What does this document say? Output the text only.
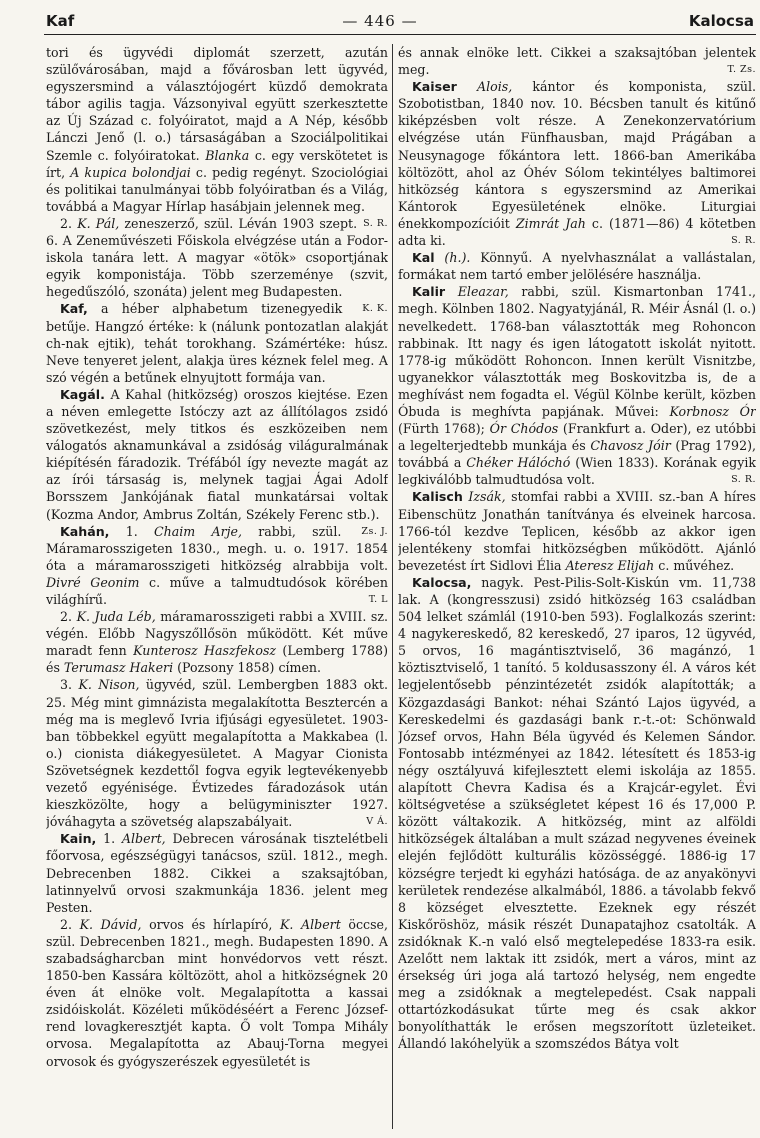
Kaf	— 446 —	Kalocsa

tori és ügyvédi diplomát szerzett, azután szülővárosában, majd a fővárosban lett ügyvéd, egyszersmind a választójogért küzdő demokrata tábor agilis tagja. Vázsonyival együtt szerkesztette az Új Század c. folyóiratot, majd a A Nép, később Lánczi Jenő (l. o.) társaságában a Szociálpolitikai Szemle c. folyóiratokat. Blanka c. egy verskötetet is írt, A kupica bolondjai c. pedig regényt. Szociológiai és politikai tanulmányai több folyóiratban és a Világ, továbbá a Magyar Hírlap hasábjain jelennek meg.
S. R.

2. K. Pál, zeneszerző, szül. Léván 1903 szept. 6. A Zeneművészeti Főiskola elvégzése után a Fodor-iskola tanára lett. A magyar «ötök» csoportjának egyik komponistája. Több szerzeménye (szvit, hegedűszóló, szonáta) jelent meg Budapesten.
K. K.

Kaf, a héber alphabetum tizenegyedik betűje. Hangzó értéke: k (nálunk pontozatlan alakját ch-nak ejtik), tehát torokhang. Számértéke: húsz. Neve tenyeret jelent, alakja üres kéznek felel meg. A szó végén a betűnek elnyujtott formája van.

Kagál. A Kahal (hitközség) oroszos kiejtése. Ezen a néven emlegette Istóczy azt az állítólagos zsidó szövetkezést, mely titkos és eszközeiben nem válogatós aknamunkával a zsidóság világuralmának kiépítésén fáradozik. Tréfából így nevezte magát az az írói társaság is, melynek tagjai Ágai Adolf Borsszem Jankójának fiatal munkatársai voltak (Kozma Andor, Ambrus Zoltán, Székely Ferenc stb.).
Zs. J.

Kahán, 1. Chaim Arje, rabbi, szül. Máramarosszigeten 1830., megh. u. o. 1917. 1854 óta a máramarosszigeti hitközség alrabbija volt. Divré Geonim c. műve a talmudtudósok körében világhírű.	T. L

2. K. Juda Léb, máramarosszigeti rabbi a XVIII. sz. végén. Előbb Nagyszőllősön működött. Két műve maradt fenn Kunterosz Haszfekosz (Lemberg 1788) és Terumasz Hakeri (Pozsony 1858) címen.

3. K. Nison, ügyvéd, szül. Lembergben 1883 okt. 25. Még mint gimnázista megalakította Besztercén a még ma is meglevő Ivria ifjúsági egyesületet. 1903-ban többekkel együtt megalapította a Makkabea (l. o.) cionista diákegyesületet. A Magyar Cionista Szövetségnek kezdettől fogva egyik legtevékenyebb vezető egyénisége. Évtizedes fáradozások után kieszközölte, hogy a belügyminiszter 1927. jóváhagyta a szövetség alapszabályait.	V Á.

Kain, 1. Albert, Debrecen városának tisztelétbeli főorvosa, egészségügyi tanácsos, szül. 1812., megh. Debrecenben 1882. Cikkei a szaksajtóban, latinnyelvű orvosi szakmunkája 1836. jelent meg Pesten.

2. K. Dávid, orvos és hírlapíró, K. Albert öccse, szül. Debrecenben 1821., megh. Budapesten 1890. A szabadságharcban mint honvédorvos vett részt. 1850-ben Kassára költözött, ahol a hitközségnek 20 éven át elnöke volt. Megalapította a kassai zsidóiskolát. Közéleti működéséért a Ferenc József-rend lovagkeresztjét kapta. Ő volt Tompa Mihály orvosa. Megalapította az Abauj-Torna megyei orvosok és gyógyszerészek egyesületét is

és annak elnöke lett. Cikkei a szaksajtóban jelentek meg.	T. Zs.

Kaiser Alois, kántor és komponista, szül. Szobotistban, 1840 nov. 10. Bécsben tanult és kitűnő kiképzésben volt része. A Zenekonzervatórium elvégzése után Fünfhausban, majd Prágában a Neusynagoge főkántora lett. 1866-ban Amerikába költözött, ahol az Óhév Sólom tekintélyes baltimorei hitközség kántora s egyszersmind az Amerikai Kántorok Egyesületének elnöke. Liturgiai énekkompozícióit Zimrát Jah c. (1871—86) 4 kötetben adta ki.	S. R.

Kal (h.). Könnyű. A nyelvhasználat a vallástalan, formákat nem tartó ember jelölésére használja.

Kalir Eleazar, rabbi, szül. Kismartonban 1741., megh. Kölnben 1802. Nagyatyjánál, R. Méir Ásnál (l. o.) nevelkedett. 1768-ban választották meg Rohoncon rabbinak. Itt nagy és igen látogatott iskolát nyitott. 1778-ig működött Rohoncon. Innen került Visnitzbe, ugyanekkor választották meg Boskovitzba is, de a meghívást nem fogadta el. Végül Kölnbe került, közben Óbuda is meghívta papjának. Művei: Korbnosz Ór (Fürth 1768); Ór Chódos (Frankfurt a. Oder), ez utóbbi a legelterjedtebb munkája és Chavosz Jóir (Prag 1792), továbbá a Chéker Hálóchó (Wien 1833). Korának egyik legkiválóbb talmudtudósa volt.	S. R.

Kalisch Izsák, stomfai rabbi a XVIII. sz.-ban A híres Eibenschütz Jonathán tanítványa és elveinek harcosa. 1766-tól kezdve Teplicen, később az akkor igen jelentékeny stomfai hitközségben működött. Ajánló bevezetést írt Sidlovi Élia Ateresz Elijah c. művéhez.

Kalocsa, nagyk. Pest-Pilis-Solt-Kiskún vm. 11,738 lak. A (kongresszusi) zsidó hitközség 163 családban 504 lelket számlál (1910-ben 593). Foglalkozás szerint: 4 nagykereskedő, 82 kereskedő, 27 iparos, 12 ügyvéd, 5 orvos, 16 magántisztviselő, 36 magánzó, 1 köztisztviselő, 1 tanító. 5 koldusasszony él. A város két legjelentősebb pénzintézetét zsidók alapították; a Közgazdasági Bankot: néhai Szántó Lajos ügyvéd, a Kereskedelmi és gazdasági bank r.-t.-ot: Schönwald József orvos, Hahn Béla ügyvéd és Kelemen Sándor. Fontosabb intézményei az 1842. létesített és 1853-ig négy osztályuvá kifejlesztett elemi iskolája az 1855. alapított Chevra Kadisa és a Krajcár-egylet. Évi költségvetése a szükségletet képest 16 és 17,000 P. között váltakozik. A hitközség, mint az alföldi hitközségek általában a mult század negyvenes éveinek elején fejlődött kulturális közösséggé. 1886-ig 17 községre terjedt ki egyházi hatósága. de az anyakönyvi kerületek rendezése alkalmából, 1886. a távolabb fekvő 8 községet elvesztette. Ezeknek egy részét Kiskőröshöz, másik részét Dunapatajhoz csatolták. A zsidóknak K.-n való első megtelepedése 1833-ra esik. Azelőtt nem laktak itt zsidók, mert a város, mint az érsekség úri joga alá tartozó helység, nem engedte meg a zsidóknak a megtelepedést. Csak nappali ottartózkodásukat tűrte meg és csak akkor bonyolíthatták le erősen megszorított üzleteiket. Állandó lakóhelyük a szomszédos Bátya volt
